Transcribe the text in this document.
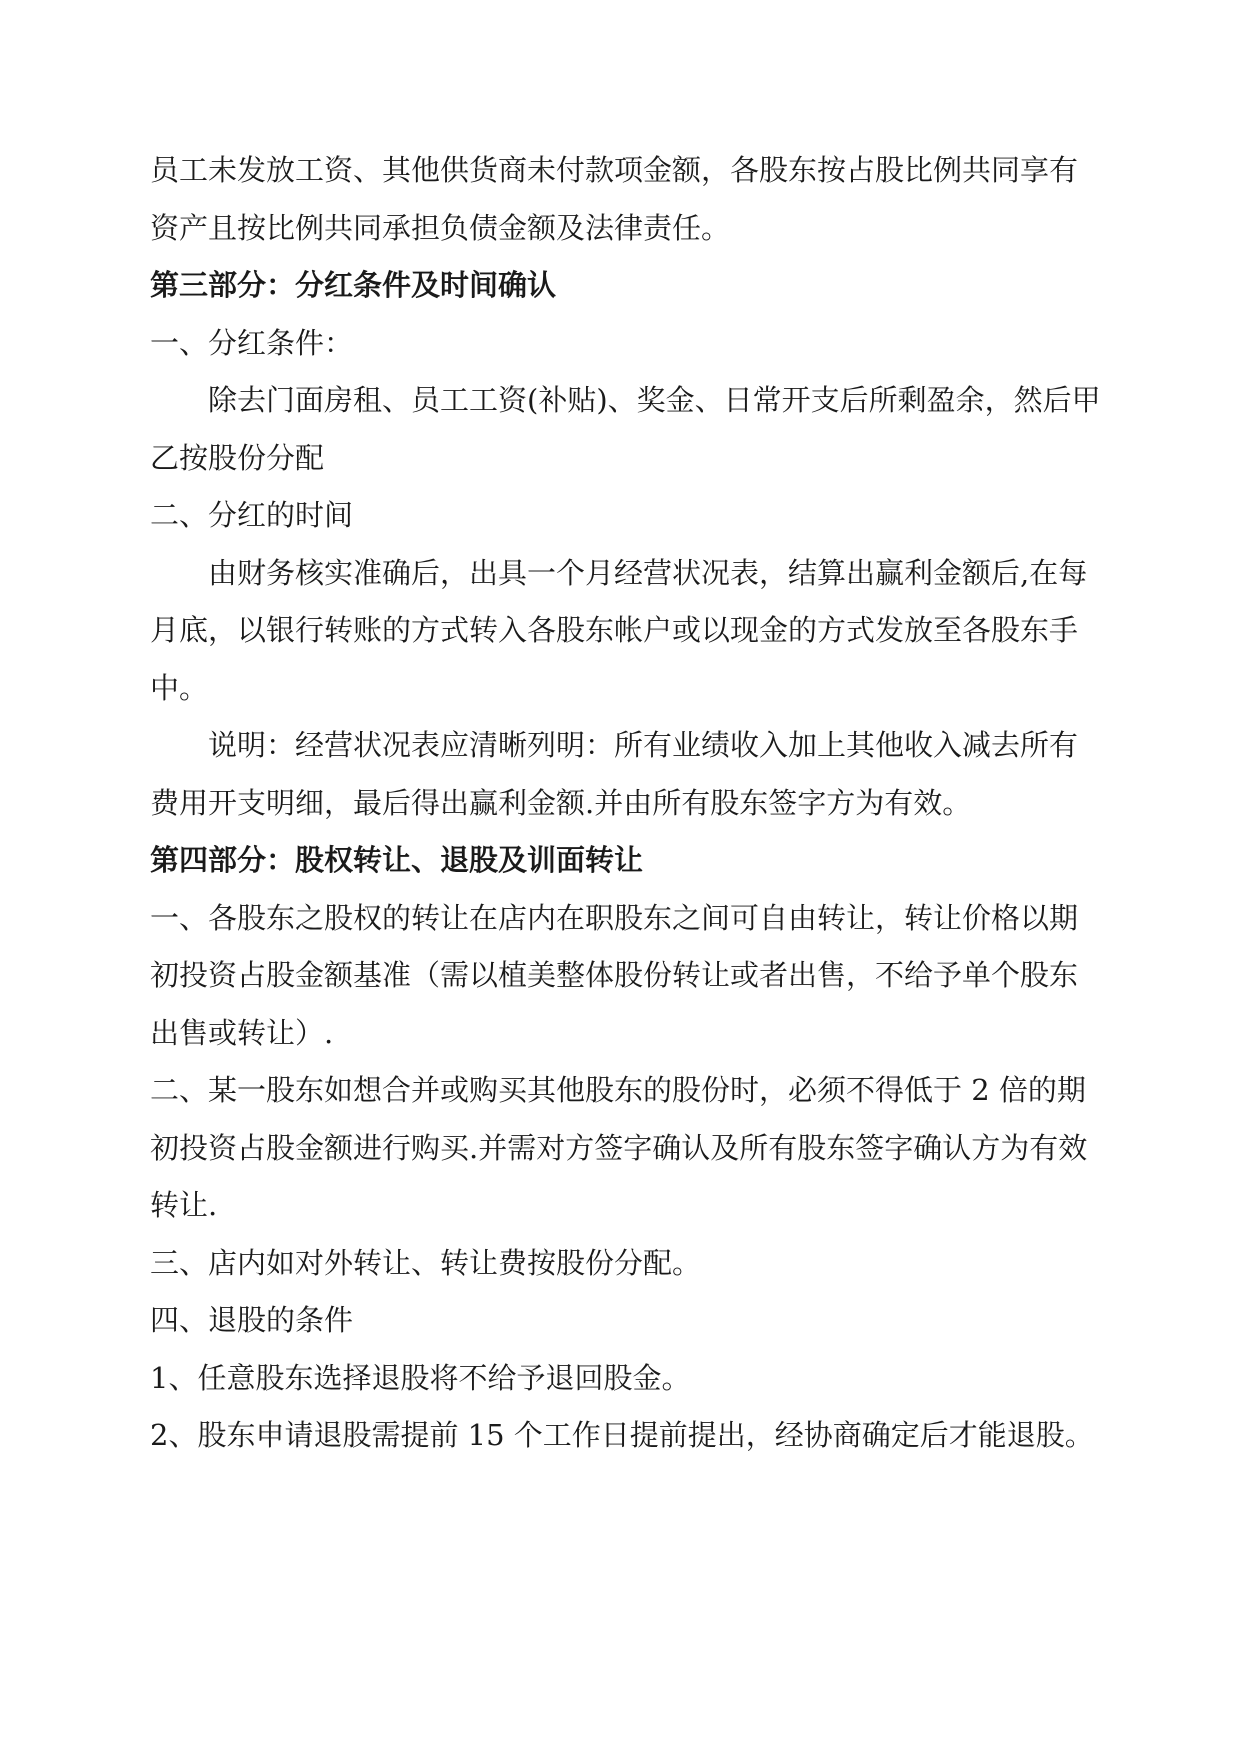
员工未发放工资、其他供货商未付款项金额，各股东按占股比例共同享有

资产且按比例共同承担负债金额及法律责任。

第三部分：分红条件及时间确认

一、分红条件：

除去门面房租、员工工资(补贴)、奖金、日常开支后所剩盈余，然后甲

乙按股份分配

二、分红的时间

由财务核实准确后，出具一个月经营状况表，结算出赢利金额后,在每

月底，以银行转账的方式转入各股东帐户或以现金的方式发放至各股东手

中。

说明：经营状况表应清晰列明：所有业绩收入加上其他收入减去所有

费用开支明细，最后得出赢利金额.并由所有股东签字方为有效。

第四部分：股权转让、退股及训面转让

一、各股东之股权的转让在店内在职股东之间可自由转让，转让价格以期

初投资占股金额基准（需以植美整体股份转让或者出售，不给予单个股东

出售或转让）.

二、某一股东如想合并或购买其他股东的股份时，必须不得低于 2 倍的期

初投资占股金额进行购买.并需对方签字确认及所有股东签字确认方为有效

转让.

三、店内如对外转让、转让费按股份分配。

四、退股的条件

1、任意股东选择退股将不给予退回股金。

2、股东申请退股需提前 15 个工作日提前提出，经协商确定后才能退股。
